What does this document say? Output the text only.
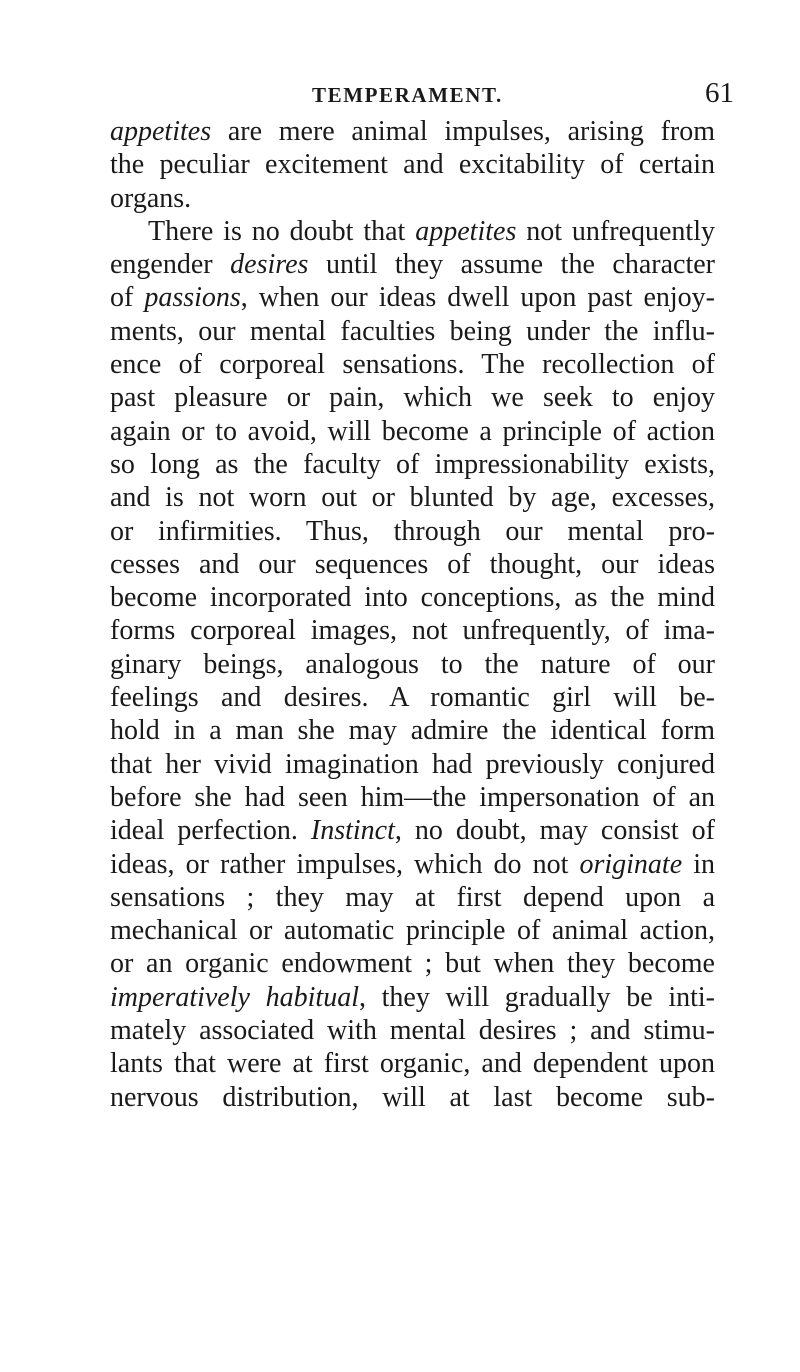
TEMPERAMENT.	61
appetites are mere animal impulses, arising from
the peculiar excitement and excitability of certain
organs.
There is no doubt that appetites not unfrequently
engender desires until they assume the character
of passions, when our ideas dwell upon past enjoy-
ments, our mental faculties being under the influ-
ence of corporeal sensations. The recollection of
past pleasure or pain, which we seek to enjoy
again or to avoid, will become a principle of action
so long as the faculty of impressionability exists,
and is not worn out or blunted by age, excesses,
or infirmities. Thus, through our mental pro-
cesses and our sequences of thought, our ideas
become incorporated into conceptions, as the mind
forms corporeal images, not unfrequently, of ima-
ginary beings, analogous to the nature of our
feelings and desires. A romantic girl will be-
hold in a man she may admire the identical form
that her vivid imagination had previously conjured
before she had seen him—the impersonation of an
ideal perfection. Instinct, no doubt, may consist of
ideas, or rather impulses, which do not originate in
sensations ; they may at first depend upon a
mechanical or automatic principle of animal action,
or an organic endowment ; but when they become
imperatively habitual, they will gradually be inti-
mately associated with mental desires ; and stimu-
lants that were at first organic, and dependent upon
nervous distribution, will at last become sub-
